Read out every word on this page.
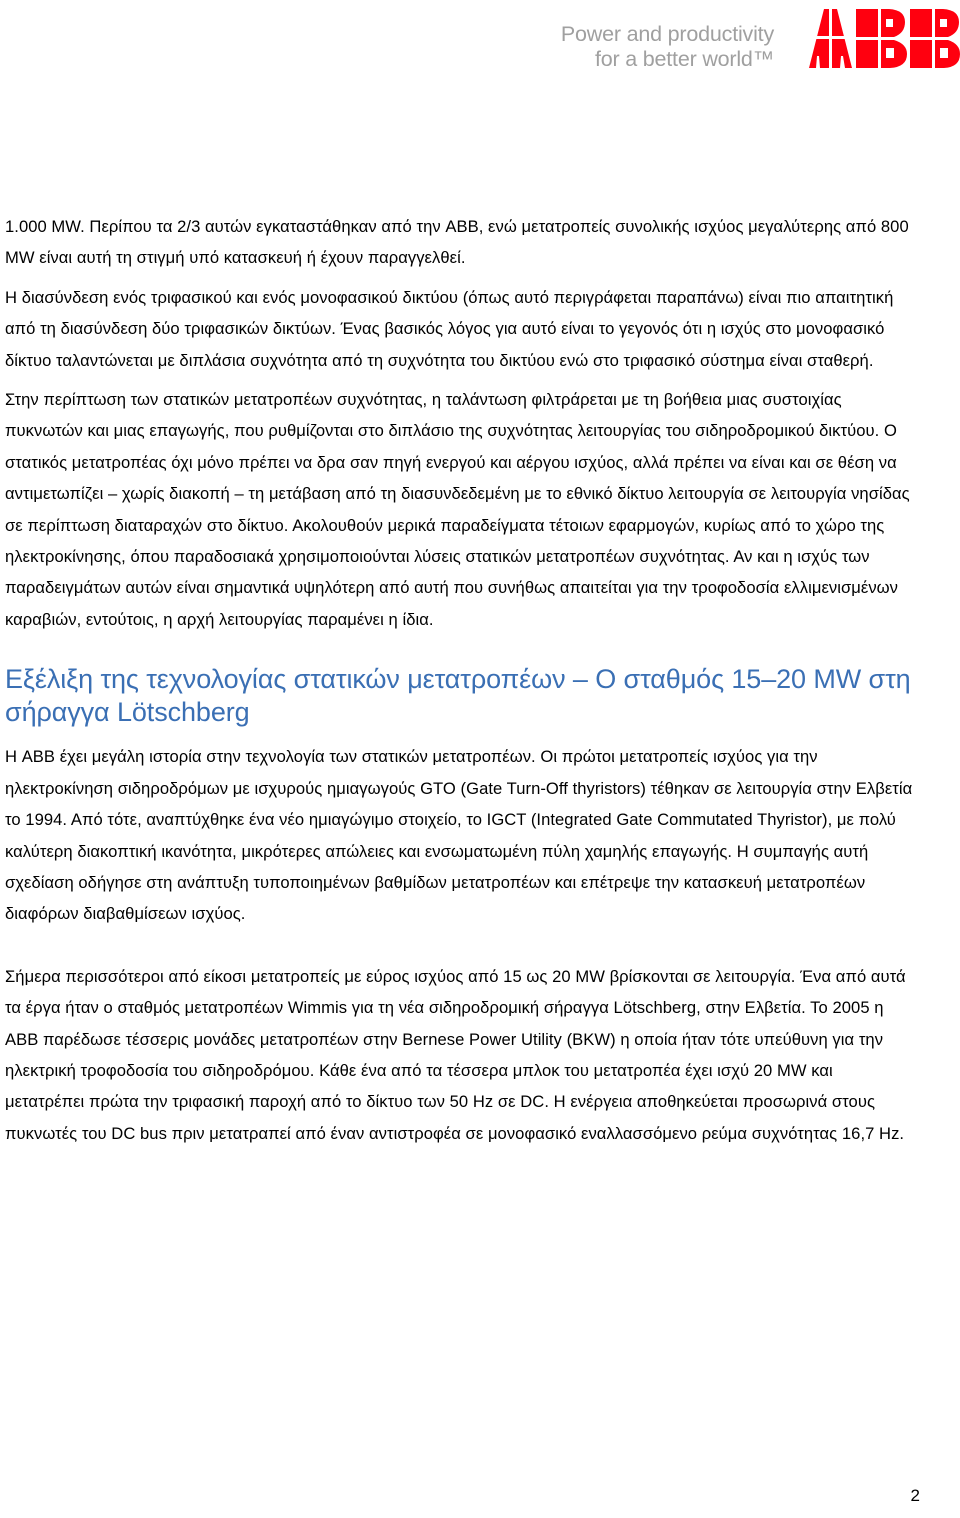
Power and productivity
for a better world™

1.000 MW. Περίπου τα 2/3 αυτών εγκαταστάθηκαν από την ABB, ενώ μετατροπείς συνολικής ισχύος μεγαλύτερης από 800 MW είναι αυτή τη στιγμή υπό κατασκευή ή έχουν παραγγελθεί.

Η διασύνδεση ενός τριφασικού και ενός μονοφασικού δικτύου (όπως αυτό περιγράφεται παραπάνω) είναι πιο απαιτητική από τη διασύνδεση δύο τριφασικών δικτύων. Ένας βασικός λόγος για αυτό είναι το γεγονός ότι η ισχύς στο μονοφασικό δίκτυο ταλαντώνεται με διπλάσια συχνότητα από τη συχνότητα του δικτύου ενώ στο τριφασικό σύστημα είναι σταθερή.

Στην περίπτωση των στατικών μετατροπέων συχνότητας, η ταλάντωση φιλτράρεται με τη βοήθεια μιας συστοιχίας πυκνωτών και μιας επαγωγής, που ρυθμίζονται στο διπλάσιο της συχνότητας λειτουργίας του σιδηροδρομικού δικτύου. Ο στατικός μετατροπέας όχι μόνο πρέπει να δρα σαν πηγή ενεργού και αέργου ισχύος, αλλά πρέπει να είναι και σε θέση να αντιμετωπίζει – χωρίς διακοπή – τη μετάβαση από τη διασυνδεδεμένη με το εθνικό δίκτυο λειτουργία σε λειτουργία νησίδας σε περίπτωση διαταραχών στο δίκτυο. Ακολουθούν μερικά παραδείγματα τέτοιων εφαρμογών, κυρίως από το χώρο της ηλεκτροκίνησης, όπου παραδοσιακά χρησιμοποιούνται λύσεις στατικών μετατροπέων συχνότητας. Αν και η ισχύς των παραδειγμάτων αυτών είναι σημαντικά υψηλότερη από αυτή που συνήθως απαιτείται για την τροφοδοσία ελλιμενισμένων καραβιών, εντούτοις, η αρχή λειτουργίας παραμένει η ίδια.

Εξέλιξη της τεχνολογίας στατικών μετατροπέων – Ο σταθμός 15–20 MW στη σήραγγα Lötschberg

Η ABB έχει μεγάλη ιστορία στην τεχνολογία των στατικών μετατροπέων. Οι πρώτοι μετατροπείς ισχύος για την ηλεκτροκίνηση σιδηροδρόμων με ισχυρούς ημιαγωγούς GTO (Gate Turn-Off thyristors) τέθηκαν σε λειτουργία στην Ελβετία το 1994. Από τότε, αναπτύχθηκε ένα νέο ημιαγώγιμο στοιχείο, το IGCT (Integrated Gate Commutated Thyristor), με πολύ καλύτερη διακοπτική ικανότητα, μικρότερες απώλειες και ενσωματωμένη πύλη χαμηλής επαγωγής. Η συμπαγής αυτή σχεδίαση οδήγησε στη ανάπτυξη τυποποιημένων βαθμίδων μετατροπέων και επέτρεψε την κατασκευή μετατροπέων διαφόρων διαβαθμίσεων ισχύος.

Σήμερα περισσότεροι από είκοσι μετατροπείς με εύρος ισχύος από 15 ως 20 MW βρίσκονται σε λειτουργία. Ένα από αυτά τα έργα ήταν ο σταθμός μετατροπέων Wimmis για τη νέα σιδηροδρομική σήραγγα Lötschberg, στην Ελβετία. Το 2005 η ABB παρέδωσε τέσσερις μονάδες μετατροπέων στην Bernese Power Utility (BKW) η οποία ήταν τότε υπεύθυνη για την ηλεκτρική τροφοδοσία του σιδηροδρόμου. Κάθε ένα από τα τέσσερα μπλοκ του μετατροπέα έχει ισχύ 20 MW και μετατρέπει πρώτα την τριφασική παροχή από το δίκτυο των 50 Hz σε DC. Η ενέργεια αποθηκεύεται προσωρινά στους πυκνωτές του DC bus πριν μετατραπεί από έναν αντιστροφέα σε μονοφασικό εναλλασσόμενο ρεύμα συχνότητας 16,7 Hz.

2
